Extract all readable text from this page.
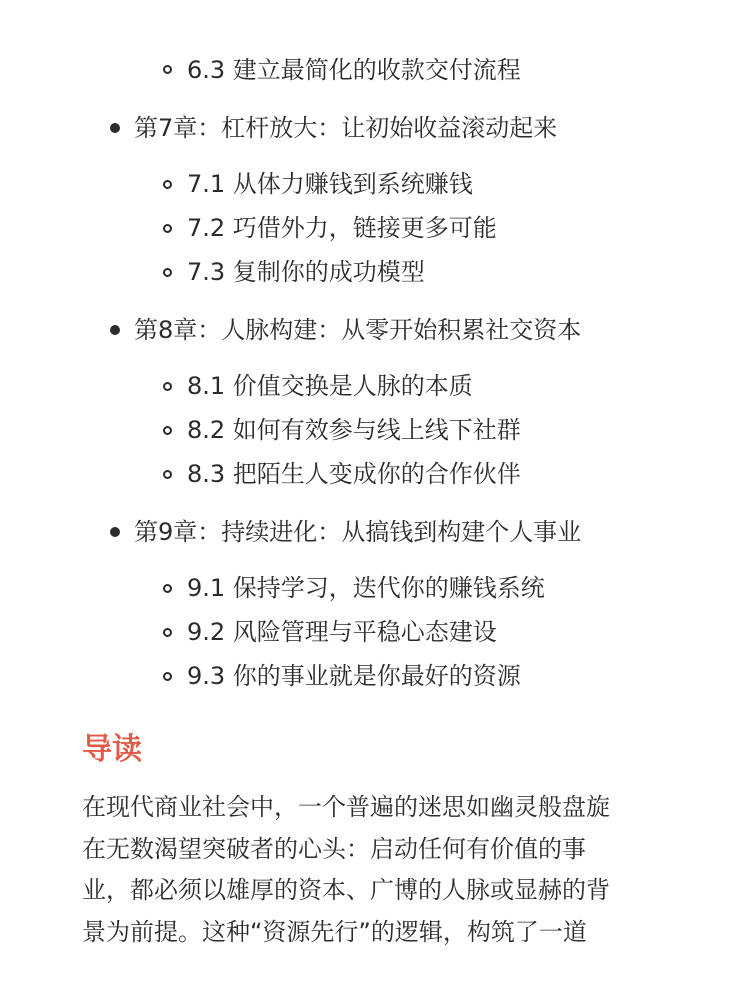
6.3 建立最简化的收款交付流程
第7章：杠杆放大：让初始收益滚动起来
7.1 从体力赚钱到系统赚钱
7.2 巧借外力，链接更多可能
7.3 复制你的成功模型
第8章：人脉构建：从零开始积累社交资本
8.1 价值交换是人脉的本质
8.2 如何有效参与线上线下社群
8.3 把陌生人变成你的合作伙伴
第9章：持续进化：从搞钱到构建个人事业
9.1 保持学习，迭代你的赚钱系统
9.2 风险管理与平稳心态建设
9.3 你的事业就是你最好的资源
导读
在现代商业社会中，一个普遍的迷思如幽灵般盘旋
在无数渴望突破者的心头：启动任何有价值的事
业，都必须以雄厚的资本、广博的人脉或显赫的背
景为前提。这种“资源先行”的逻辑，构筑了一道
